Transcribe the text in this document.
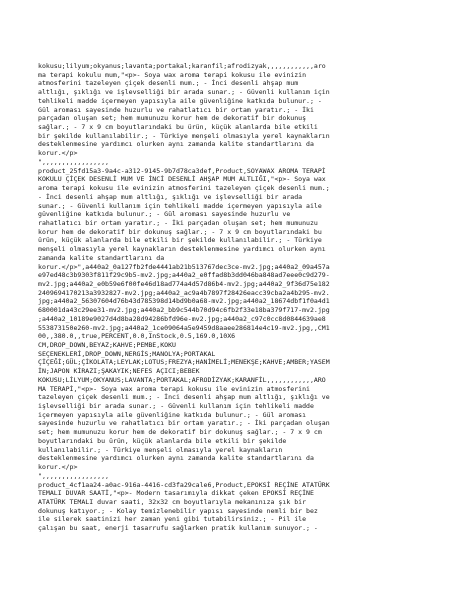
kokusu;lilyum;okyanus;lavanta;portakal;karanfil;afrodizyak,,,,,,,,,,,,aro
ma terapi kokulu mum,"<p>- Soya wax aroma terapi kokusu ile evinizin
atmosferini tazeleyen çiçek desenli mum.; - İnci desenli ahşap mum
altlığı, şıklığı ve işlevselliği bir arada sunar.; - Güvenli kullanım için
tehlikeli madde içermeyen yapısıyla aile güvenliğine katkıda bulunur.; -
Gül aroması sayesinde huzurlu ve rahatlatıcı bir ortam yaratır.; - İki
parçadan oluşan set; hem mumunuzu korur hem de dekoratif bir dokunuş
sağlar.; - 7 x 9 cm boyutlarındaki bu ürün, küçük alanlarda bile etkili
bir şekilde kullanılabilir.; - Türkiye menşeli olmasıyla yerel kaynakların
desteklenmesine yardımcı olurken aynı zamanda kalite standartlarını da
korur.</p>
",,,,,,,,,,,,,,,,,
product_25fd15a3-9a4c-a312-9145-9b7d78ca3def,Product,SOYAWAX AROMA TERAPİ
KOKULU ÇİÇEK DESENLİ MUM VE İNCİ DESENLİ AHŞAP MUM ALTLIĞI,"<p>- Soya wax
aroma terapi kokusu ile evinizin atmosferini tazeleyen çiçek desenli mum.;
- İnci desenli ahşap mum altlığı, şıklığı ve işlevselliği bir arada
sunar.; - Güvenli kullanım için tehlikeli madde içermeyen yapısıyla aile
güvenliğine katkıda bulunur.; - Gül aroması sayesinde huzurlu ve
rahatlatıcı bir ortam yaratır.; - İki parçadan oluşan set; hem mumunuzu
korur hem de dekoratif bir dokunuş sağlar.; - 7 x 9 cm boyutlarındaki bu
ürün, küçük alanlarda bile etkili bir şekilde kullanılabilir.; - Türkiye
menşeli olmasıyla yerel kaynakların desteklenmesine yardımcı olurken aynı
zamanda kalite standartlarını da
korur.</p>",a440a2_0a127fb2fde4441ab21b513767dec3ce-mv2.jpg;a440a2_09a457a
e97ed48c3b9303f811f29c9b5-mv2.jpg;a440a2_e0ffad8b3dd046ba848ad7eee0c9d279-
mv2.jpg;a440a2_e0b59e6f00fe46d18ad774a4d57d86b4-mv2.jpg;a440a2_9f36d75e182
2409694170213a3932827-mv2.jpg;a440a2_ac9a4b7897f28426eacc39cba2a4b295-mv2.
jpg;a440a2_56307604d76b43d785398d14bd9b0a68-mv2.jpg;a440a2_18674dbf1f0a4d1
680001da43c29ee31-mv2.jpg;a440a2_bb9c544b70d94c6fb2f33e18ba379f717-mv2.jpg
;a440a2_10189e9027d4d8ba28d94286bfd96e-mv2.jpg;a440a2_c97c0cc8d0844639ae8
553873150e260-mv2.jpg;a440a2_1ce09064a5e9459d8aaee286814e4c19-mv2.jpg,,CM1
00,,380.0,,true,PERCENT,0.0,InStock,0.5,169.0,10X6
CM,DROP_DOWN,BEYAZ;KAHVE;PEMBE,KOKU
SEÇENEKLERİ,DROP_DOWN,NERGİS;MANOLYA;PORTAKAL
ÇİÇEĞİ;GÜL;ÇİKOLATA;LEYLAK;LOTUS;FREZYA;HANİMELİ;MENEKŞE;KAHVE;AMBER;YASEM
İN;JAPON KİRAZI;ŞAKAYIK;NEFES AÇICI;BEBEK
KOKUSU;LİLYUM;OKYANUS;LAVANTA;PORTAKAL;AFRODİZYAK;KARANFİL,,,,,,,,,,,,ARO
MA TERAPİ,"<p>- Soya wax aroma terapi kokusu ile evinizin atmosferini
tazeleyen çiçek desenli mum.; - İnci desenli ahşap mum altlığı, şıklığı ve
işlevselliği bir arada sunar.; - Güvenli kullanım için tehlikeli madde
içermeyen yapısıyla aile güvenliğine katkıda bulunur.; - Gül aroması
sayesinde huzurlu ve rahatlatıcı bir ortam yaratır.; - İki parçadan oluşan
set; hem mumunuzu korur hem de dekoratif bir dokunuş sağlar.; - 7 x 9 cm
boyutlarındaki bu ürün, küçük alanlarda bile etkili bir şekilde
kullanılabilir.; - Türkiye menşeli olmasıyla yerel kaynakların
desteklenmesine yardımcı olurken aynı zamanda kalite standartlarını da
korur.</p>
",,,,,,,,,,,,,,,,,
product_4cf1aa24-a0ac-916a-4416-cd3fa29cale6,Product,EPOKSİ REÇİNE ATATÜRK
TEMALI DUVAR SAATİ,"<p>- Modern tasarımıyla dikkat çeken EPOKSİ REÇİNE
ATATÜRK TEMALI duvar saati, 32x32 cm boyutlarıyla mekanınıza şık bir
dokunuş katıyor.; - Kolay temizlenebilir yapısı sayesinde nemli bir bez
ile silerek saatinizi her zaman yeni gibi tutabilirsiniz.; - Pil ile
çalışan bu saat, enerji tasarrufu sağlarken pratik kullanım sunuyor.; -
